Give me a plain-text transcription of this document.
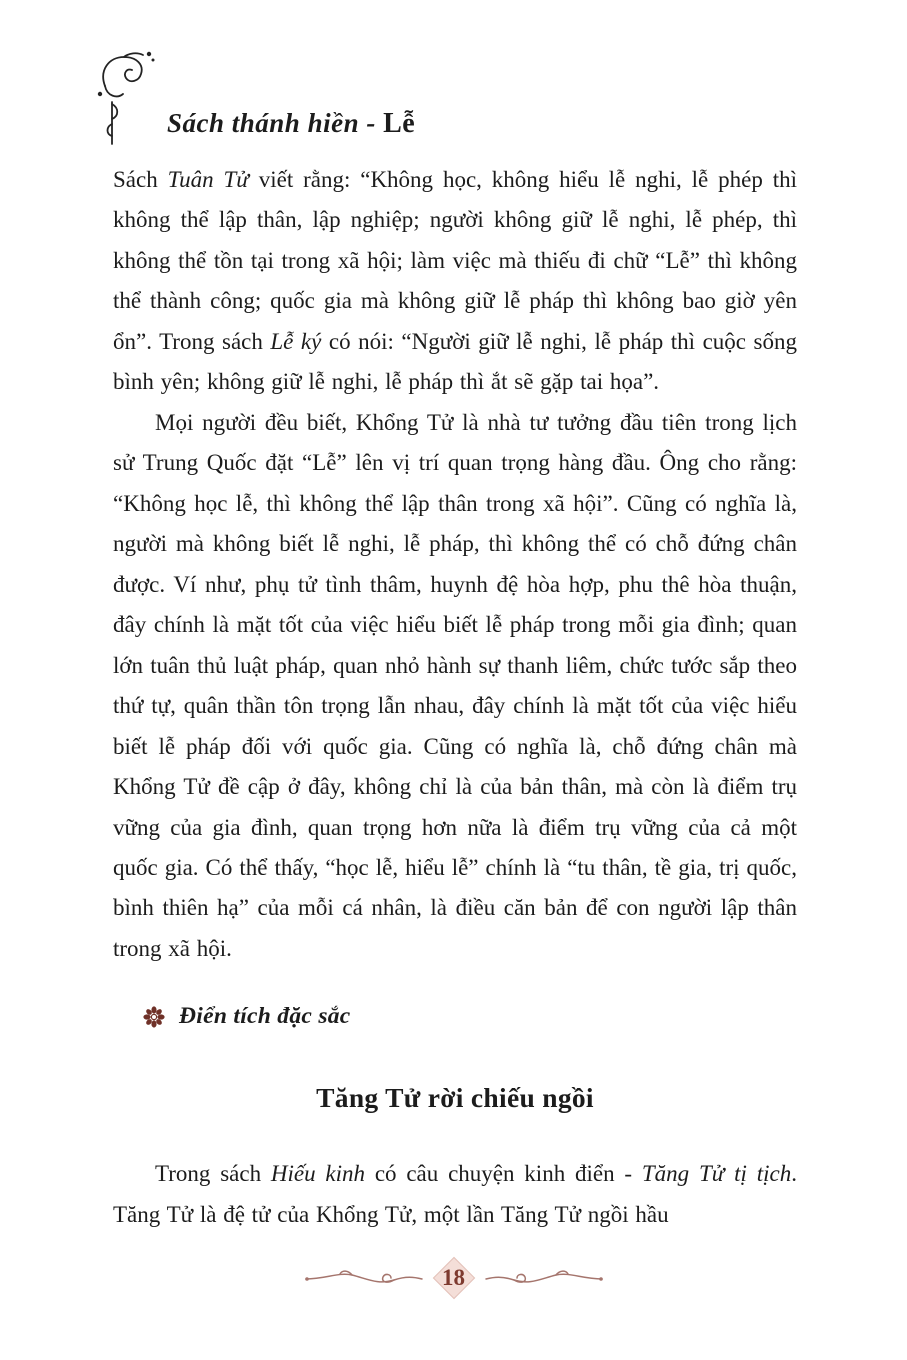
Sách thánh hiền - Lễ

Sách Tuân Tử viết rằng: “Không học, không hiểu lễ nghi, lễ phép thì không thể lập thân, lập nghiệp; người không giữ lễ nghi, lễ phép, thì không thể tồn tại trong xã hội; làm việc mà thiếu đi chữ “Lễ” thì không thể thành công; quốc gia mà không giữ lễ pháp thì không bao giờ yên ổn”. Trong sách Lễ ký có nói: “Người giữ lễ nghi, lễ pháp thì cuộc sống bình yên; không giữ lễ nghi, lễ pháp thì ắt sẽ gặp tai họa”.

Mọi người đều biết, Khổng Tử là nhà tư tưởng đầu tiên trong lịch sử Trung Quốc đặt “Lễ” lên vị trí quan trọng hàng đầu. Ông cho rằng: “Không học lễ, thì không thể lập thân trong xã hội”. Cũng có nghĩa là, người mà không biết lễ nghi, lễ pháp, thì không thể có chỗ đứng chân được. Ví như, phụ tử tình thâm, huynh đệ hòa hợp, phu thê hòa thuận, đây chính là mặt tốt của việc hiểu biết lễ pháp trong mỗi gia đình; quan lớn tuân thủ luật pháp, quan nhỏ hành sự thanh liêm, chức tước sắp theo thứ tự, quân thần tôn trọng lẫn nhau, đây chính là mặt tốt của việc hiểu biết lễ pháp đối với quốc gia. Cũng có nghĩa là, chỗ đứng chân mà Khổng Tử đề cập ở đây, không chỉ là của bản thân, mà còn là điểm trụ vững của gia đình, quan trọng hơn nữa là điểm trụ vững của cả một quốc gia. Có thể thấy, “học lễ, hiểu lễ” chính là “tu thân, tề gia, trị quốc, bình thiên hạ” của mỗi cá nhân, là điều căn bản để con người lập thân trong xã hội.

Điển tích đặc sắc
Tăng Tử rời chiếu ngồi

Trong sách Hiếu kinh có câu chuyện kinh điển - Tăng Tử tị tịch. Tăng Tử là đệ tử của Khổng Tử, một lần Tăng Tử ngồi hầu

18
